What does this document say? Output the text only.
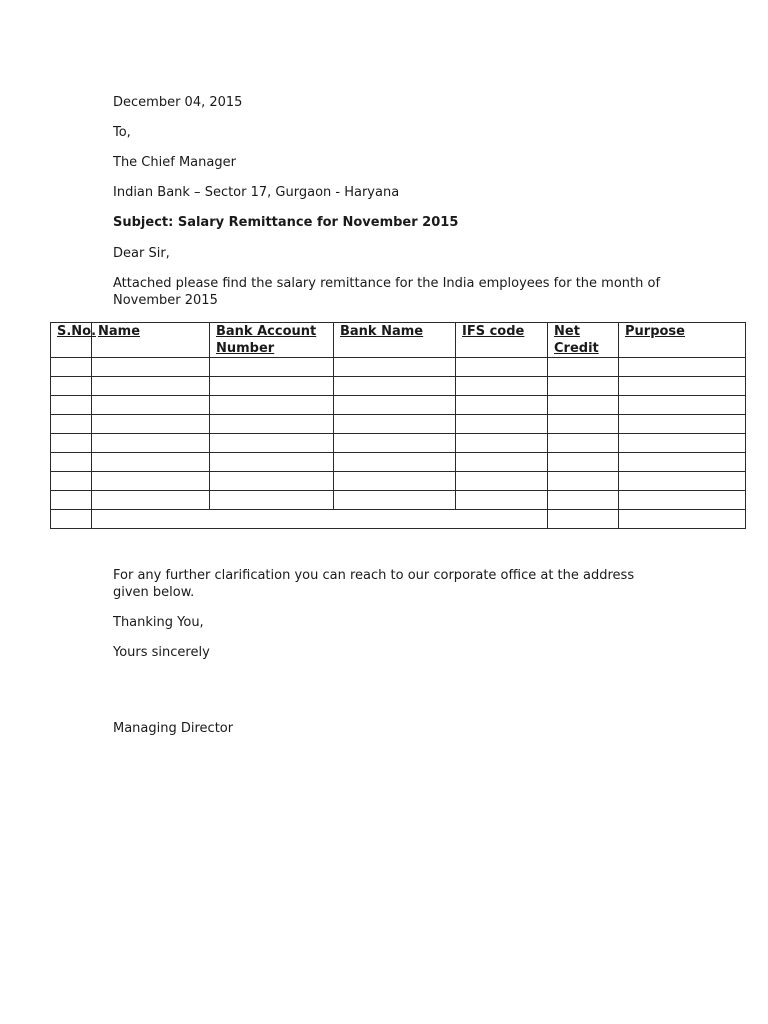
December 04, 2015
To,
The Chief Manager
Indian Bank – Sector 17, Gurgaon - Haryana
Subject: Salary Remittance for November 2015
Dear Sir,
Attached please find the salary remittance for the India employees for the month of November 2015
S.No.	Name	Bank Account Number	Bank Name	IFS code	Net Credit	Purpose

For any further clarification you can reach to our corporate office at the address given below.
Thanking You,
Yours sincerely
Managing Director
